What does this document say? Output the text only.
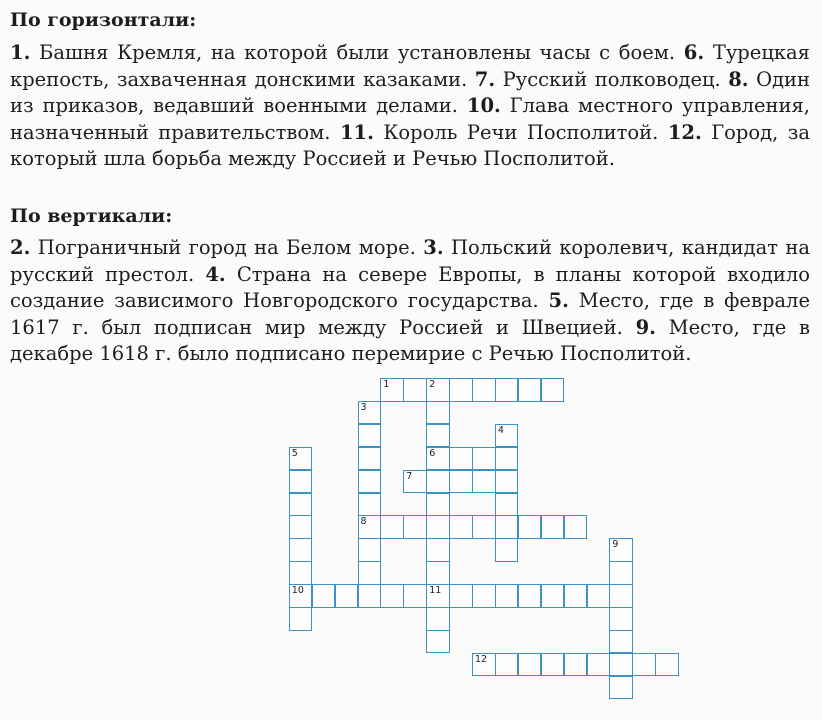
По горизонтали:
1. Башня Кремля, на которой были установлены часы с боем. 6. Турецкая крепость, захваченная донскими казаками. 7. Русский полководец. 8. Один из приказов, ведавший военными делами. 10. Глава местного управления, назначенный правительством. 11. Король Речи Посполитой. 12. Город, за который шла борьба между Россией и Речью Посполитой.
По вертикали:
2. Пограничный город на Белом море. 3. Польский королевич, кандидат на русский престол. 4. Страна на севере Европы, в планы которой входило создание зависимого Новгородского государства. 5. Место, где в феврале 1617 г. был подписан мир между Россией и Швецией. 9. Место, где в декабре 1618 г. было подписано перемирие с Речью Посполитой.
1	2
6
11
3
8
4
5
10
7
9
12
